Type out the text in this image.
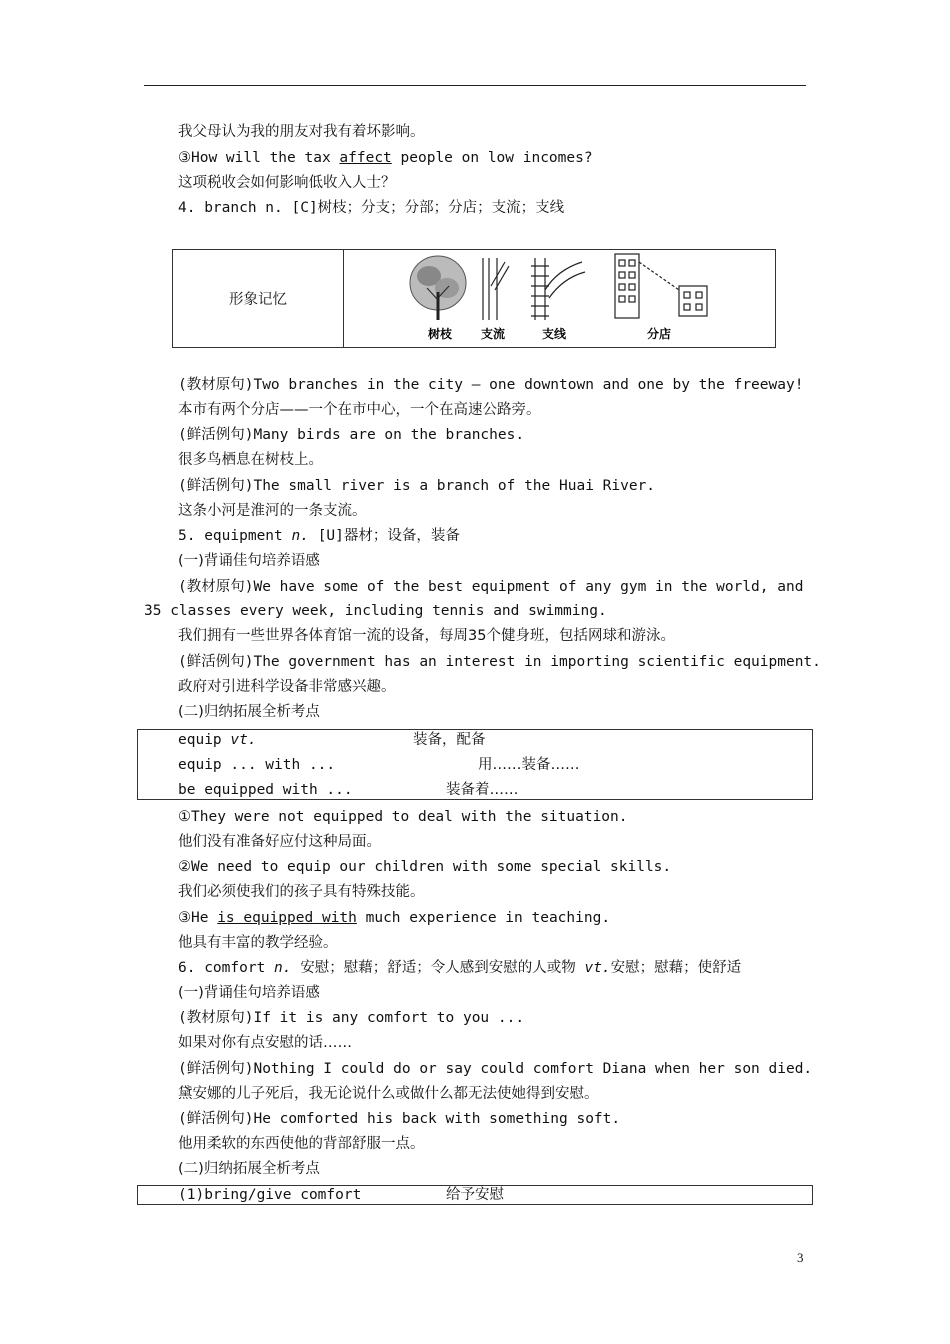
我父母认为我的朋友对我有着坏影响。
③How will the tax affect people on low incomes?
这项税收会如何影响低收入人士？
4. branch n. [C]树枝；分支；分部；分店；支流；支线
形象记忆
树枝 支流	支线	分店
(教材原句)Two branches in the city — one downtown and one by the freeway!
本市有两个分店——一个在市中心，一个在高速公路旁。
(鲜活例句)Many birds are on the branches.
很多鸟栖息在树枝上。
(鲜活例句)The small river is a branch of the Huai River.
这条小河是淮河的一条支流。
5. equipment n. [U]器材；设备，装备
(一)背诵佳句培养语感
(教材原句)We have some of the best equipment of any gym in the world, and
35 classes every week, including tennis and swimming.
我们拥有一些世界各体育馆一流的设备，每周35个健身班，包括网球和游泳。
(鲜活例句)The government has an interest in importing scientific equipment.
政府对引进科学设备非常感兴趣。
(二)归纳拓展全析考点
equip vt.	装备，配备
equip ... with ...	用……装备……
be equipped with ...	装备着……
①They were not equipped to deal with the situation.
他们没有准备好应付这种局面。
②We need to equip our children with some special skills.
我们必须使我们的孩子具有特殊技能。
③He is equipped with much experience in teaching.
他具有丰富的教学经验。
6. comfort n. 安慰；慰藉；舒适；令人感到安慰的人或物 vt.安慰；慰藉；使舒适
(一)背诵佳句培养语感
(教材原句)If it is any comfort to you ...
如果对你有点安慰的话……
(鲜活例句)Nothing I could do or say could comfort Diana when her son died.
黛安娜的儿子死后，我无论说什么或做什么都无法使她得到安慰。
(鲜活例句)He comforted his back with something soft.
他用柔软的东西使他的背部舒服一点。
(二)归纳拓展全析考点
(1)bring/give comfort	给予安慰
3
